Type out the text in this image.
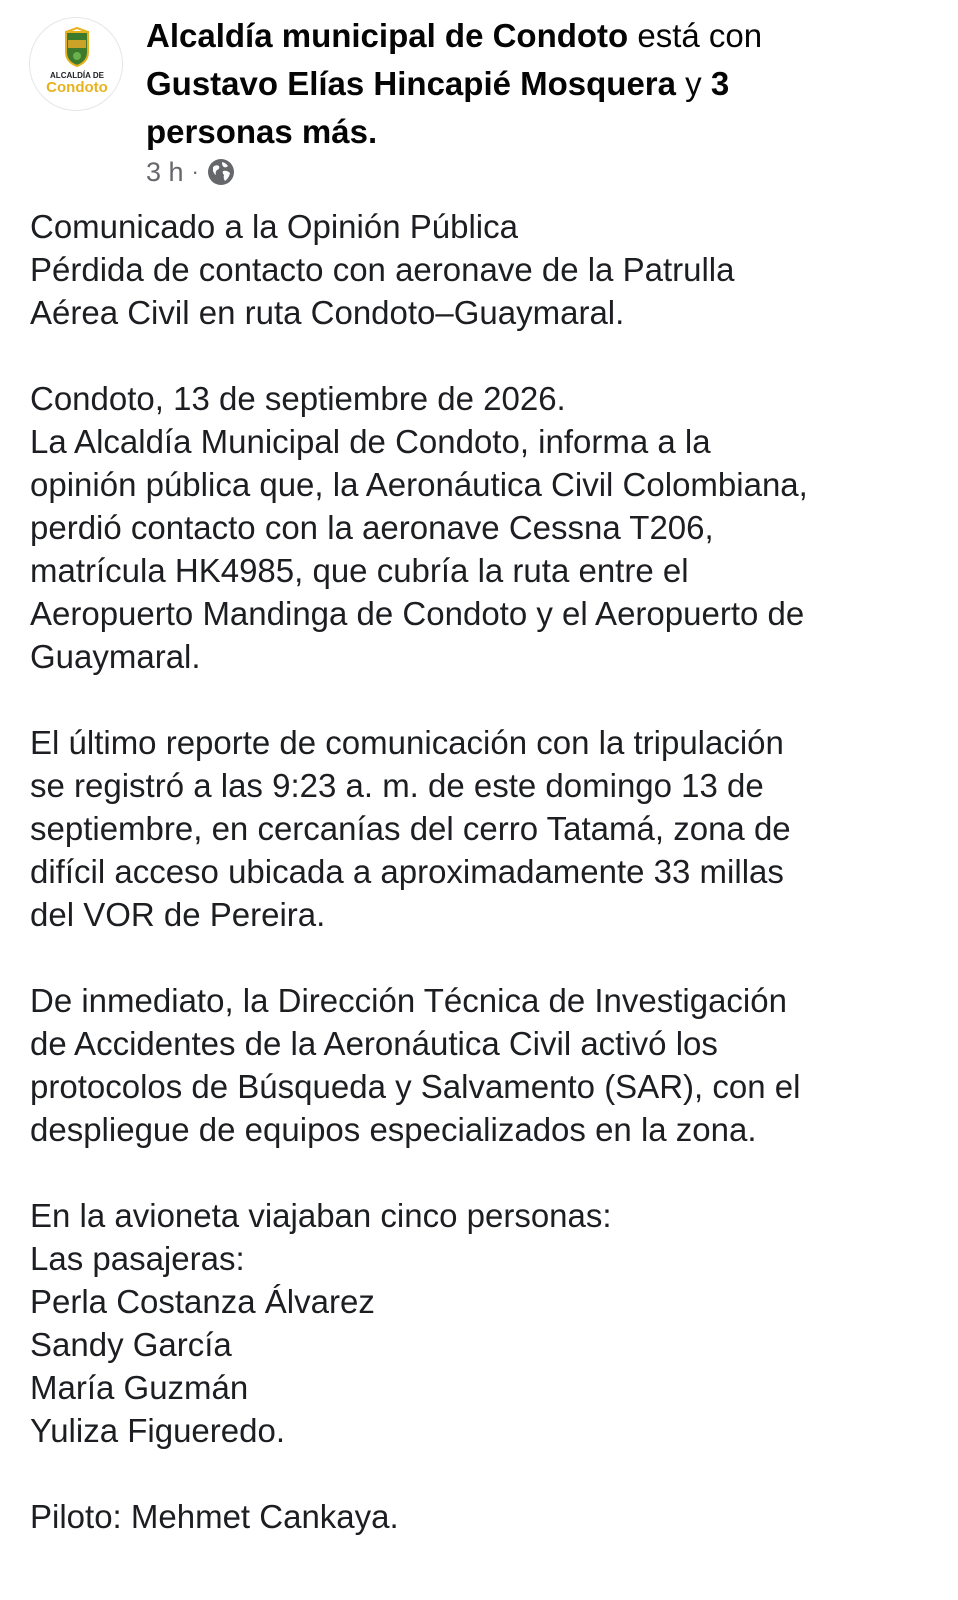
ALCALDÍA DE
Condoto
Alcaldía municipal de Condoto está con Gustavo Elías Hincapié Mosquera y 3 personas más.
3 h ·

Comunicado a la Opinión Pública

Pérdida de contacto con aeronave de la Patrulla

Aérea Civil en ruta Condoto–Guaymaral.

Condoto, 13 de septiembre de 2026.

La Alcaldía Municipal de Condoto, informa a la

opinión pública que, la Aeronáutica Civil Colombiana,

perdió contacto con la aeronave Cessna T206,

matrícula HK4985, que cubría la ruta entre el

Aeropuerto Mandinga de Condoto y el Aeropuerto de

Guaymaral.

El último reporte de comunicación con la tripulación

se registró a las 9:23 a. m. de este domingo 13 de

septiembre, en cercanías del cerro Tatamá, zona de

difícil acceso ubicada a aproximadamente 33 millas

del VOR de Pereira.

De inmediato, la Dirección Técnica de Investigación

de Accidentes de la Aeronáutica Civil activó los

protocolos de Búsqueda y Salvamento (SAR), con el

despliegue de equipos especializados en la zona.

En la avioneta viajaban cinco personas:

Las pasajeras:

Perla Costanza Álvarez

Sandy García

María Guzmán

Yuliza Figueredo.

Piloto: Mehmet Cankaya.
